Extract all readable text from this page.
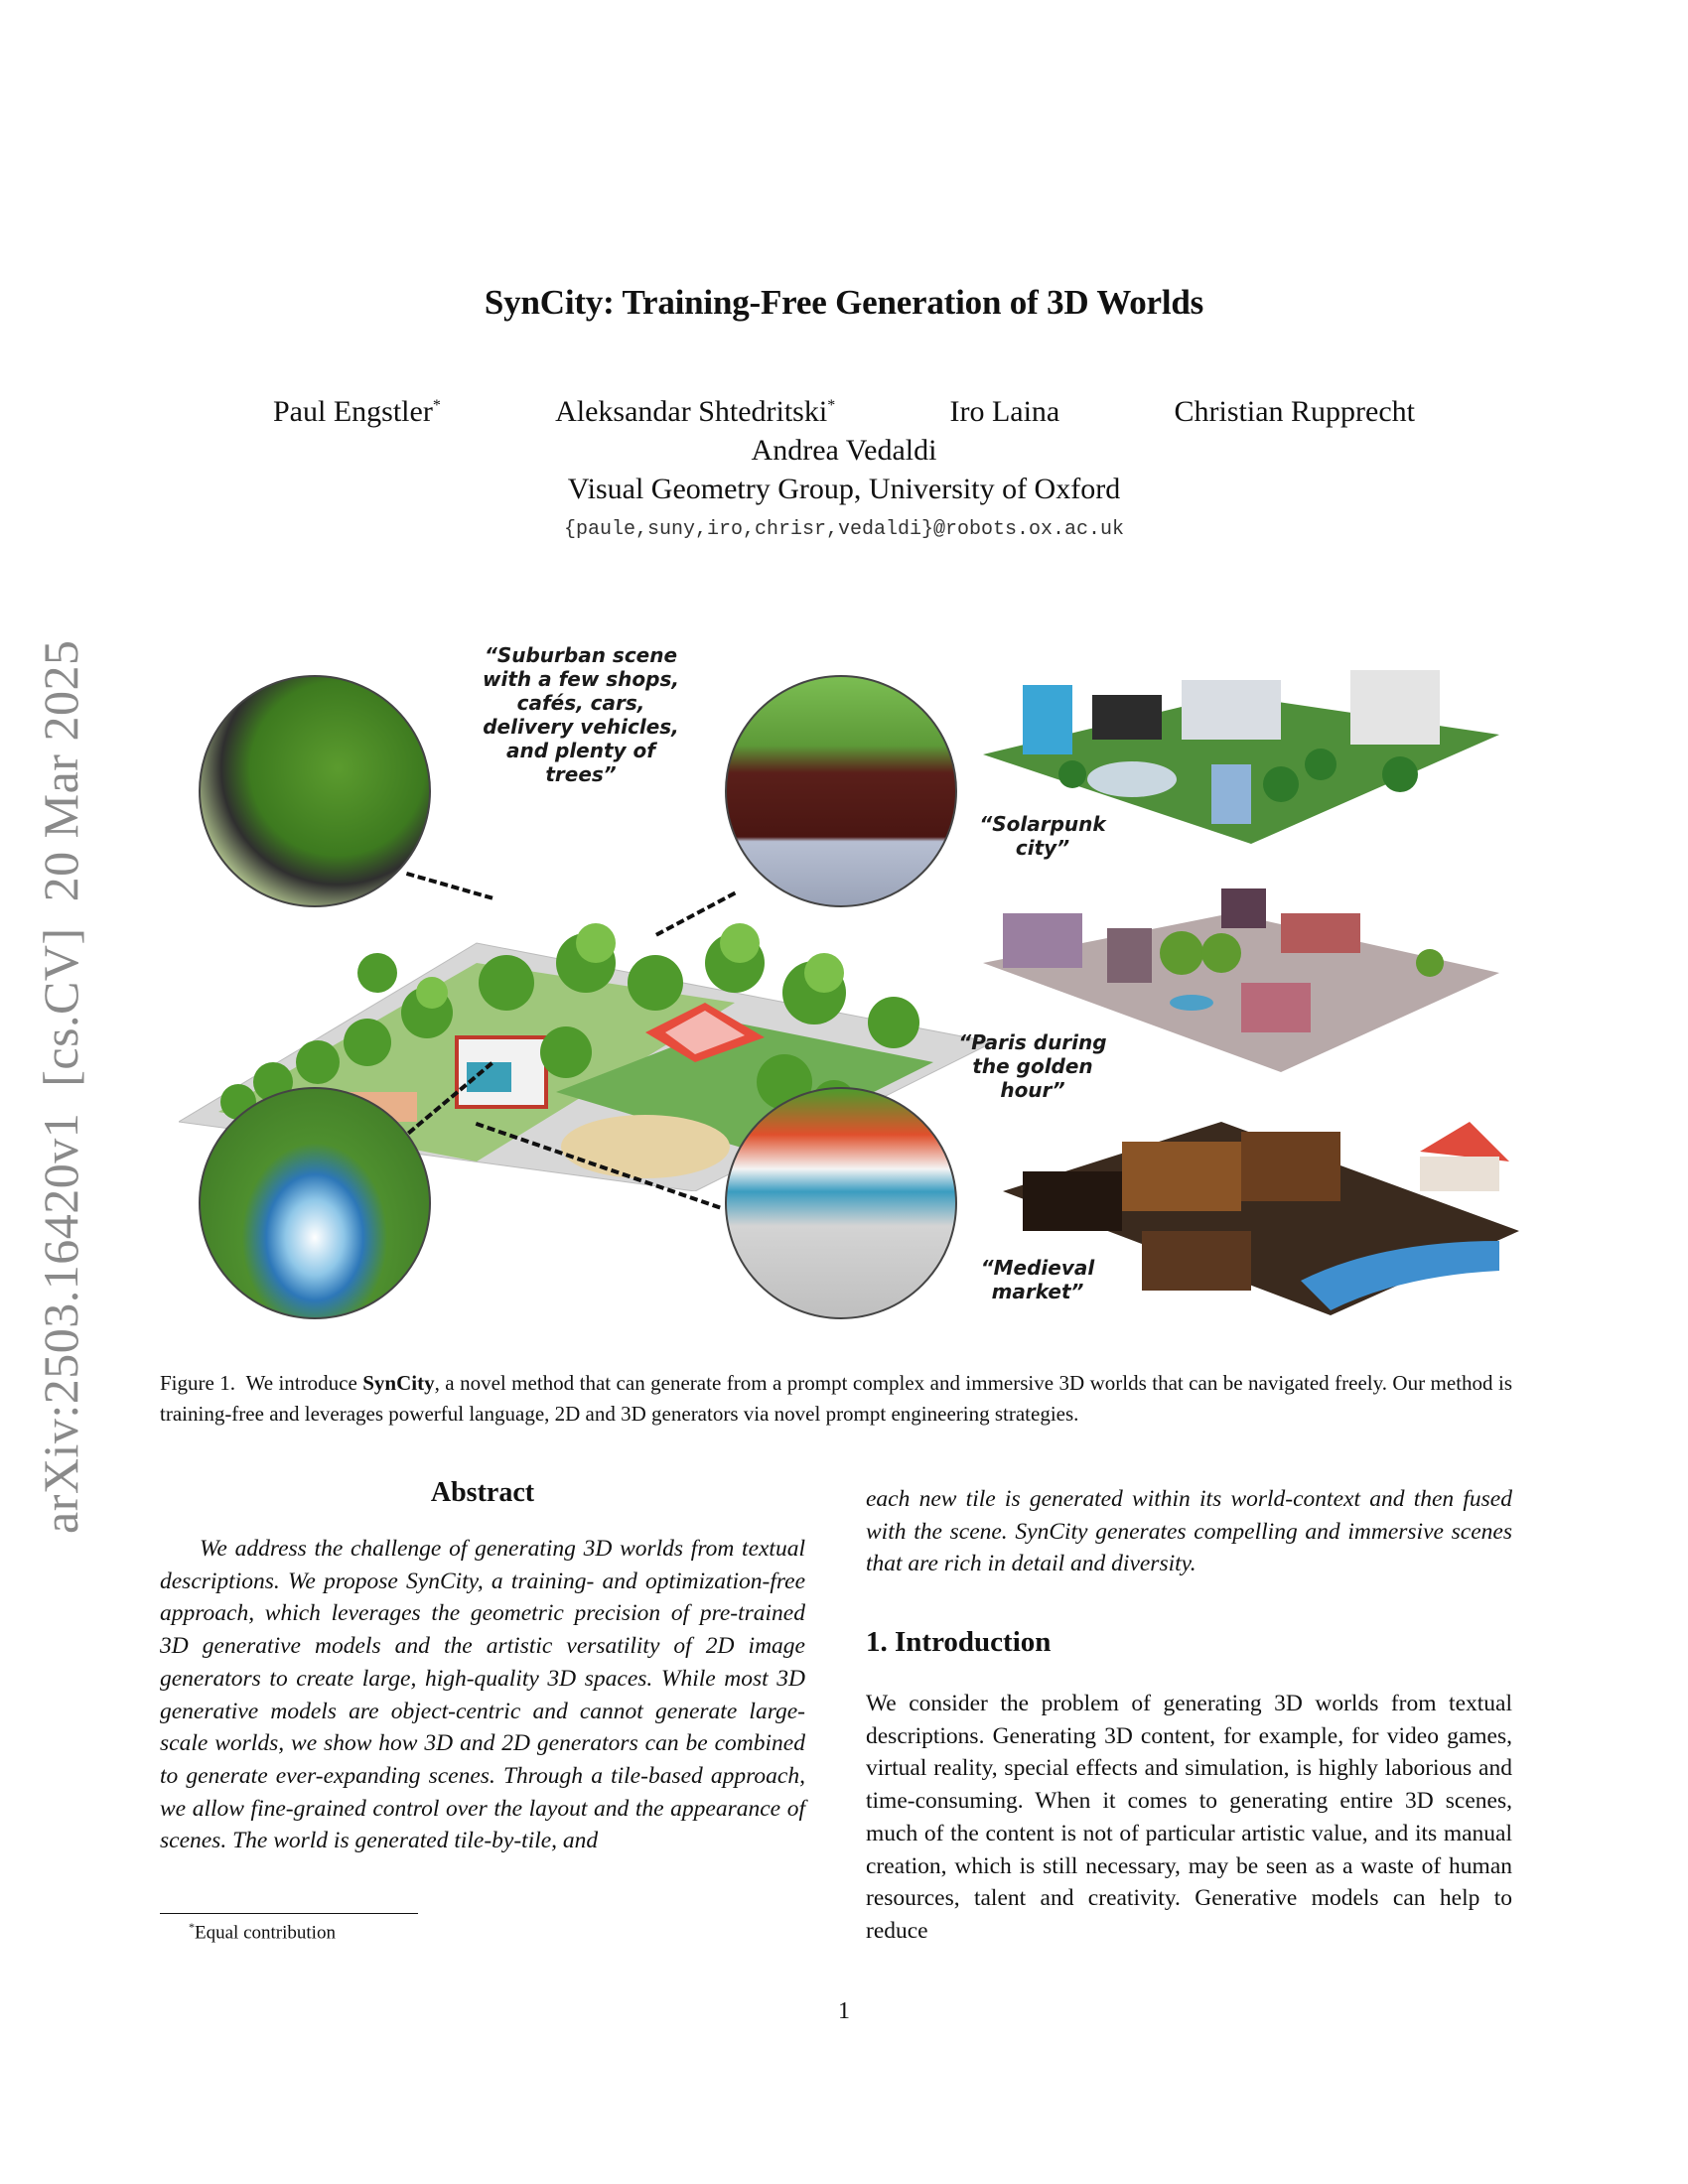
SynCity: Training-Free Generation of 3D Worlds
Paul Engstler*	Aleksandar Shtedritski*	Iro Laina	Christian Rupprecht
Andrea Vedaldi
Visual Geometry Group, University of Oxford
{paule,suny,iro,chrisr,vedaldi}@robots.ox.ac.uk
arXiv:2503.16420v1  [cs.CV]  20 Mar 2025	“Suburban scene
with a few shops,
cafés, cars,
delivery vehicles,
and plenty of
trees”
“Solarpunk
city”
“Paris during
the golden
hour”
“Medieval
market”
Figure 1. We introduce SynCity, a novel method that can generate from a prompt complex and immersive 3D worlds that can be navigated freely. Our method is training-free and leverages powerful language, 2D and 3D generators via novel prompt engineering strategies.
Abstract
We address the challenge of generating 3D worlds from textual descriptions. We propose SynCity, a training- and optimization-free approach, which leverages the geometric precision of pre-trained 3D generative models and the artistic versatility of 2D image generators to create large, high-quality 3D spaces. While most 3D generative models are object-centric and cannot generate large-scale worlds, we show how 3D and 2D generators can be combined to generate ever-expanding scenes. Through a tile-based approach, we allow fine-grained control over the layout and the appearance of scenes. The world is generated tile-by-tile, and
each new tile is generated within its world-context and then fused with the scene. SynCity generates compelling and immersive scenes that are rich in detail and diversity.
1. Introduction
We consider the problem of generating 3D worlds from textual descriptions. Generating 3D content, for example, for video games, virtual reality, special effects and simulation, is highly laborious and time-consuming. When it comes to generating entire 3D scenes, much of the content is not of particular artistic value, and its manual creation, which is still necessary, may be seen as a waste of human resources, talent and creativity. Generative models can help to reduce
*Equal contribution
1
